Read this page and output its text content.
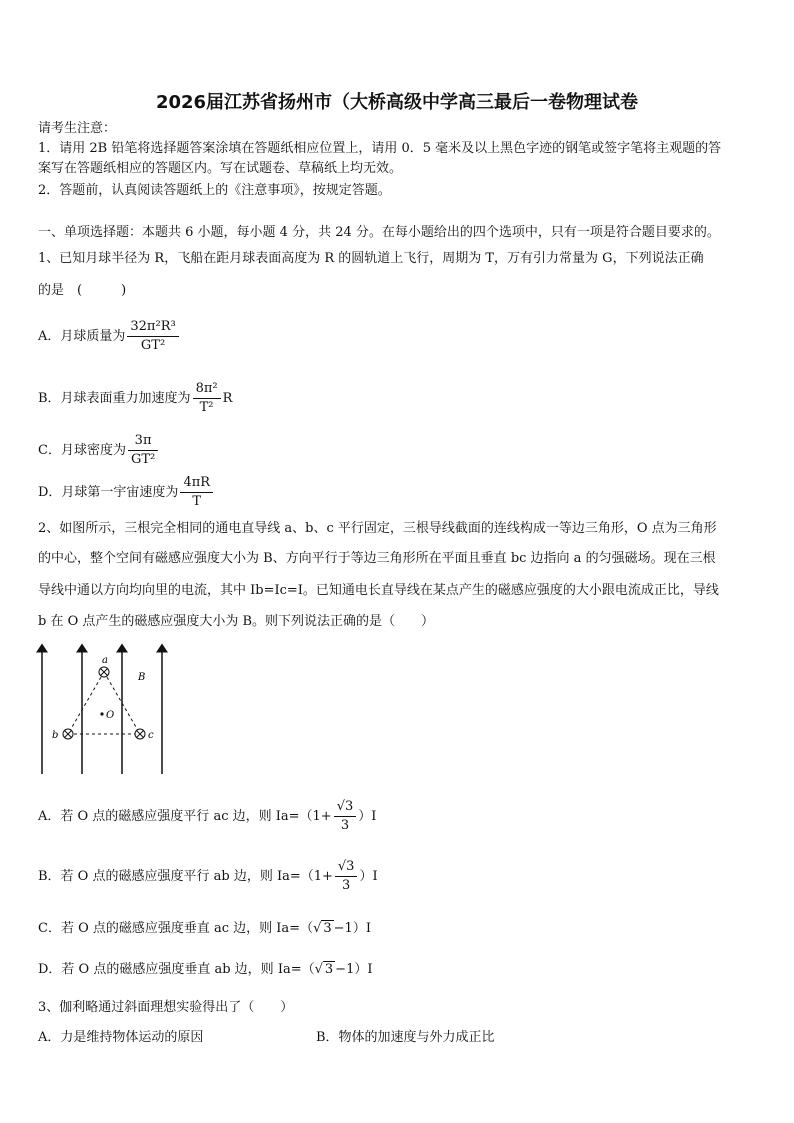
2026届江苏省扬州市（大桥高级中学高三最后一卷物理试卷
请考生注意：
1．请用 2B 铅笔将选择题答案涂填在答题纸相应位置上，请用 0．5 毫米及以上黑色字迹的钢笔或签字笔将主观题的答
案写在答题纸相应的答题区内。写在试题卷、草稿纸上均无效。
2．答题前，认真阅读答题纸上的《注意事项》，按规定答题。
一、单项选择题：本题共 6 小题，每小题 4 分，共 24 分。在每小题给出的四个选项中，只有一项是符合题目要求的。
1、已知月球半径为 R，飞船在距月球表面高度为 R 的圆轨道上飞行，周期为 T，万有引力常量为 G，下列说法正确
的是　(　　　)
A．月球质量为 $\frac{\text{32π²R³}}{\text{GT²}}$
B．月球表面重力加速度为 $\frac{\text{8π²}}{\text{T²}}$ R
C．月球密度为 $\frac{3\pi}{\text{GT²}}$
D．月球第一宇宙速度为 $\frac{4\pi R}{T}$
2、如图所示，三根完全相同的通电直导线 a、b、c 平行固定，三根导线截面的连线构成一等边三角形，O 点为三角形
的中心，整个空间有磁感应强度大小为 B、方向平行于等边三角形所在平面且垂直 bc 边指向 a 的匀强磁场。现在三根
导线中通以方向均向里的电流，其中 Ib=Ic=I。已知通电长直导线在某点产生的磁感应强度的大小跟电流成正比，导线
b 在 O 点产生的磁感应强度大小为 B。则下列说法正确的是（　　）
a
b	c
O
B
A．若 O 点的磁感应强度平行 ac 边，则 $Ia=(1+ \frac{√3}{3} )I$
B．若 O 点的磁感应强度平行 ab 边，则 $Ia=(1+ \frac{√3}{3} )I$
C．若 O 点的磁感应强度垂直 ac 边，则 Ia=（√ 3 −1）I
D．若 O 点的磁感应强度垂直 ab 边，则 Ia=（√ 3 −1）I
3、伽利略通过斜面理想实验得出了（　　）
A．力是维持物体运动的原因	B．物体的加速度与外力成正比
